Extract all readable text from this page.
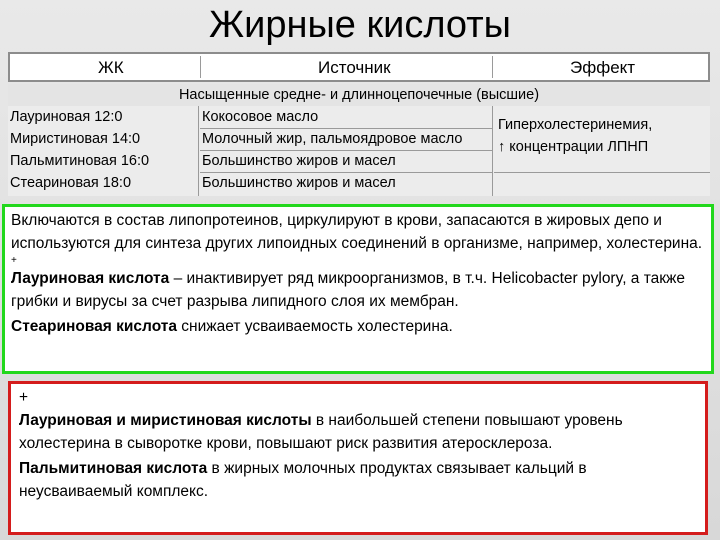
Жирные кислоты
ЖК	Источник	Эффект
Насыщенные средне- и длинноцепочечные (высшие)
Лауриновая 12:0	Кокосовое масло
Миристиновая 14:0	Молочный жир, пальмоядровое масло
Пальмитиновая 16:0	Большинство жиров и масел
Стеариновая 18:0	Большинство жиров и масел
Гиперхолестеринемия,
↑ концентрации ЛПНП

Включаются в состав липопротеинов, циркулируют в крови, запасаются в жировых депо и используются для синтеза других липоидных соединений в организме, например, холестерина.

+

Лауриновая кислота – инактивирует ряд микроорганизмов, в т.ч. Helicobacter pylory, а также грибки и вирусы за счет разрыва липидного слоя их мембран.

Стеариновая кислота снижает усваиваемость холестерина.

+

Лауриновая и миристиновая кислоты в наибольшей степени повышают уровень холестерина в сыворотке крови, повышают риск развития атеросклероза.

Пальмитиновая кислота в жирных молочных продуктах связывает кальций в неусваиваемый комплекс.
